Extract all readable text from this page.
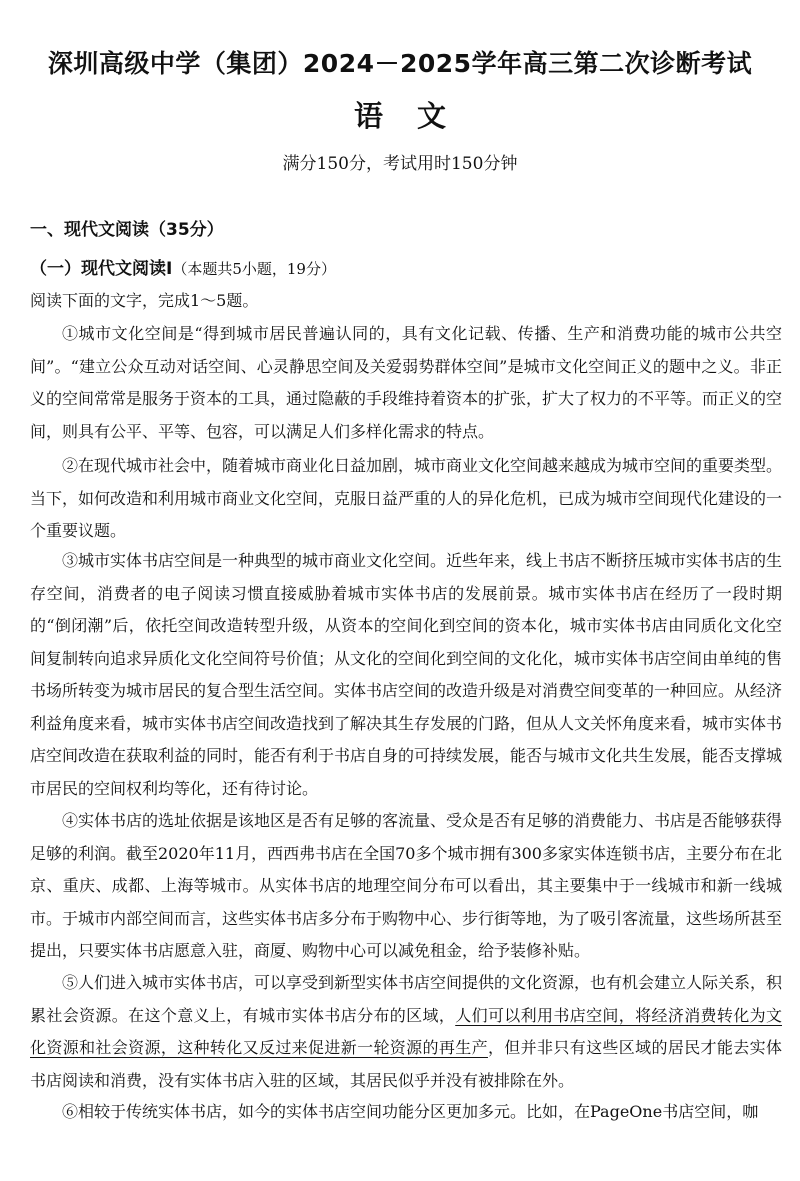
深圳高级中学（集团）2024－2025学年高三第二次诊断考试
语文
满分150分，考试用时150分钟
一、现代文阅读（35分）
（一）现代文阅读Ⅰ（本题共5小题，19分）
阅读下面的文字，完成1～5题。
①城市文化空间是“得到城市居民普遍认同的，具有文化记载、传播、生产和消费功能的城市公共空间”。“建立公众互动对话空间、心灵静思空间及关爱弱势群体空间”是城市文化空间正义的题中之义。非正义的空间常常是服务于资本的工具，通过隐蔽的手段维持着资本的扩张，扩大了权力的不平等。而正义的空间，则具有公平、平等、包容，可以满足人们多样化需求的特点。
②在现代城市社会中，随着城市商业化日益加剧，城市商业文化空间越来越成为城市空间的重要类型。当下，如何改造和利用城市商业文化空间，克服日益严重的人的异化危机，已成为城市空间现代化建设的一个重要议题。
③城市实体书店空间是一种典型的城市商业文化空间。近些年来，线上书店不断挤压城市实体书店的生存空间，消费者的电子阅读习惯直接威胁着城市实体书店的发展前景。城市实体书店在经历了一段时期的“倒闭潮”后，依托空间改造转型升级，从资本的空间化到空间的资本化，城市实体书店由同质化文化空间复制转向追求异质化文化空间符号价值；从文化的空间化到空间的文化化，城市实体书店空间由单纯的售书场所转变为城市居民的复合型生活空间。实体书店空间的改造升级是对消费空间变革的一种回应。从经济利益角度来看，城市实体书店空间改造找到了解决其生存发展的门路，但从人文关怀角度来看，城市实体书店空间改造在获取利益的同时，能否有利于书店自身的可持续发展，能否与城市文化共生发展，能否支撑城市居民的空间权利均等化，还有待讨论。
④实体书店的选址依据是该地区是否有足够的客流量、受众是否有足够的消费能力、书店是否能够获得足够的利润。截至2020年11月，西西弗书店在全国70多个城市拥有300多家实体连锁书店，主要分布在北京、重庆、成都、上海等城市。从实体书店的地理空间分布可以看出，其主要集中于一线城市和新一线城市。于城市内部空间而言，这些实体书店多分布于购物中心、步行街等地，为了吸引客流量，这些场所甚至提出，只要实体书店愿意入驻，商厦、购物中心可以减免租金，给予装修补贴。
⑤人们进入城市实体书店，可以享受到新型实体书店空间提供的文化资源，也有机会建立人际关系，积累社会资源。在这个意义上，有城市实体书店分布的区域，人们可以利用书店空间，将经济消费转化为文化资源和社会资源，这种转化又反过来促进新一轮资源的再生产，但并非只有这些区域的居民才能去实体书店阅读和消费，没有实体书店入驻的区域，其居民似乎并没有被排除在外。
⑥相较于传统实体书店，如今的实体书店空间功能分区更加多元。比如，在PageOne书店空间，咖
